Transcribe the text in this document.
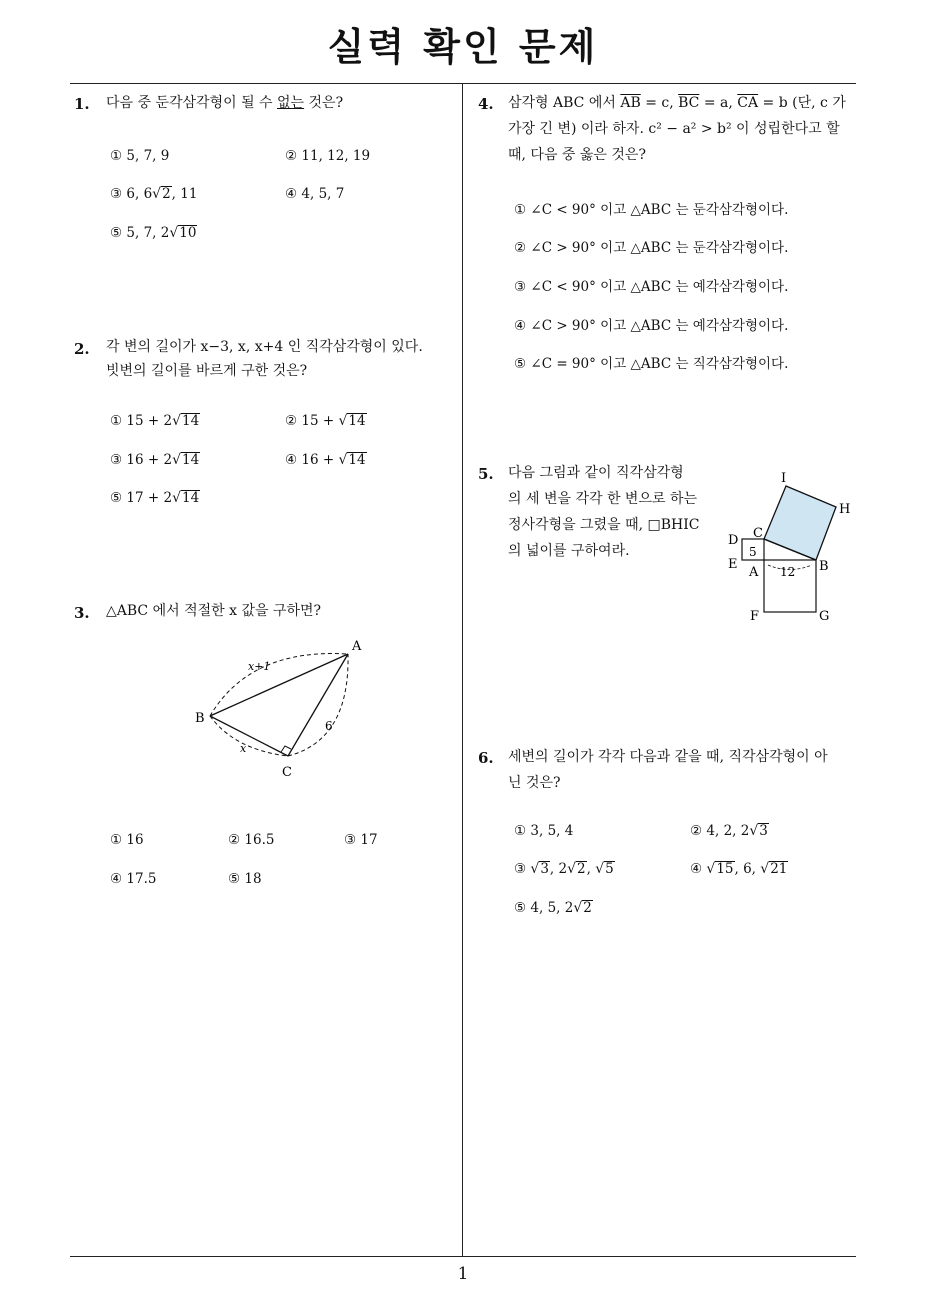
실력 확인 문제
1
1. 다음 중 둔각삼각형이 될 수 없는 것은?
① 5, 7, 9	② 11, 12, 19
③ 6, 6√2, 11	④ 4, 5, 7
⑤ 5, 7, 2√10
2. 각 변의 길이가 x−3, x, x+4 인 직각삼각형이 있다.
빗변의 길이를 바르게 구한 것은?
① 15 + 2√14	② 15 + √14
③ 16 + 2√14	④ 16 + √14
⑤ 17 + 2√14
3. △ABC 에서 적절한 x 값을 구하면?
A
B
C
x+1
6
x
① 16	② 16.5	③ 17
④ 17.5	⑤ 18
4. 삼각형 ABC 에서 $\overline{AB} = c$, $\overline{BC} = a$, $\overline{CA} = b$ (단, c 가
가장 긴 변) 이라 하자. c² − a² > b² 이 성립한다고 할
때, 다음 중 옳은 것은?
① ∠C < 90° 이고 △ABC 는 둔각삼각형이다.
② ∠C > 90° 이고 △ABC 는 둔각삼각형이다.
③ ∠C < 90° 이고 △ABC 는 예각삼각형이다.
④ ∠C > 90° 이고 △ABC 는 예각삼각형이다.
⑤ ∠C = 90° 이고 △ABC 는 직각삼각형이다.
5. 다음 그림과 같이 직각삼각형
의 세 변을 각각 한 변으로 하는
정사각형을 그렸을 때, □BHIC
의 넓이를 구하여라.
I
H
D C
5
E
A 12 B
F	G
6. 세변의 길이가 각각 다음과 같을 때, 직각삼각형이 아
닌 것은?
① 3, 5, 4	② 4, 2, 2√3
③ √3, 2√2, √5	④ √15, 6, √21
⑤ 4, 5, 2√2
